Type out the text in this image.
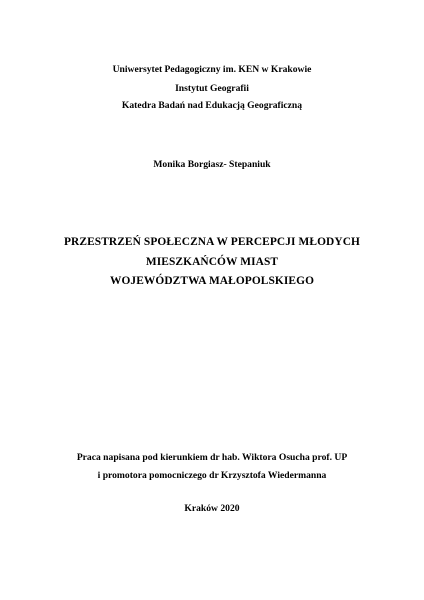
Uniwersytet Pedagogiczny im. KEN w Krakowie
Instytut Geografii
Katedra Badań nad Edukacją Geograficzną
Monika Borgiasz- Stepaniuk
PRZESTRZEŃ SPOŁECZNA W PERCEPCJI MŁODYCH
MIESZKAŃCÓW MIAST
WOJEWÓDZTWA MAŁOPOLSKIEGO
Praca napisana pod kierunkiem dr hab. Wiktora Osucha prof. UP
i promotora pomocniczego dr Krzysztofa Wiedermanna
Kraków 2020
